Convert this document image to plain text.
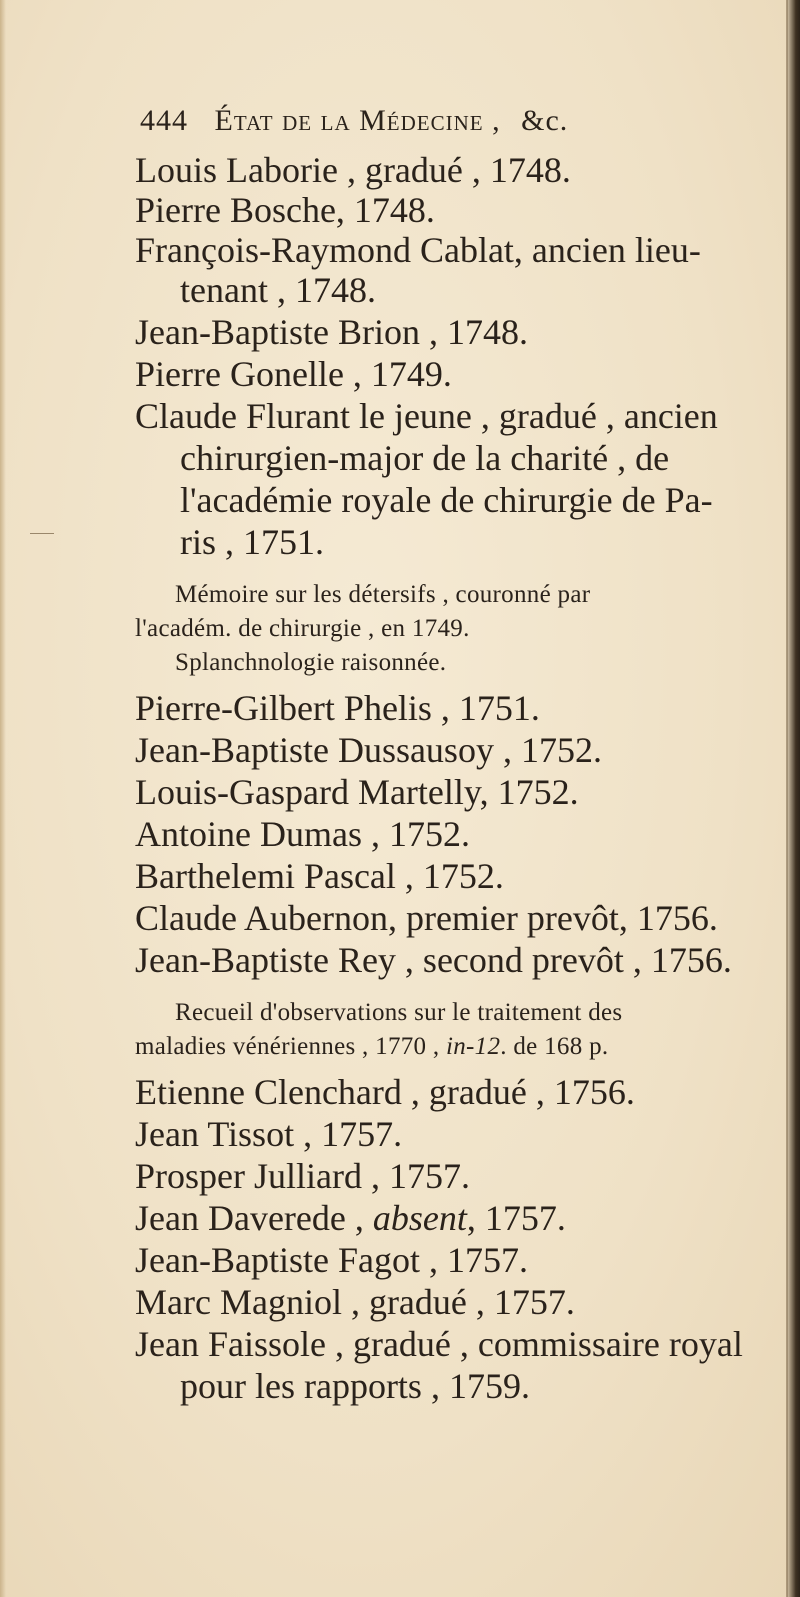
444 État de la Médecine , &c.
Louis Laborie , gradué , 1748.
Pierre Bosche, 1748.
François-Raymond Cablat, ancien lieu-
tenant , 1748.
Jean-Baptiste Brion , 1748.
Pierre Gonelle , 1749.
Claude Flurant le jeune , gradué , ancien
chirurgien-major de la charité , de
l'académie royale de chirurgie de Pa-
ris , 1751.
Mémoire sur les détersifs , couronné par
l'académ. de chirurgie , en 1749.
Splanchnologie raisonnée.
Pierre-Gilbert Phelis , 1751.
Jean-Baptiste Dussausoy , 1752.
Louis-Gaspard Martelly, 1752.
Antoine Dumas , 1752.
Barthelemi Pascal , 1752.
Claude Aubernon, premier prevôt, 1756.
Jean-Baptiste Rey , second prevôt , 1756.
Recueil d'observations sur le traitement des
maladies vénériennes , 1770 , in-12. de 168 p.
Etienne Clenchard , gradué , 1756.
Jean Tissot , 1757.
Prosper Julliard , 1757.
Jean Daverede , absent, 1757.
Jean-Baptiste Fagot , 1757.
Marc Magniol , gradué , 1757.
Jean Faissole , gradué , commissaire royal
pour les rapports , 1759.
